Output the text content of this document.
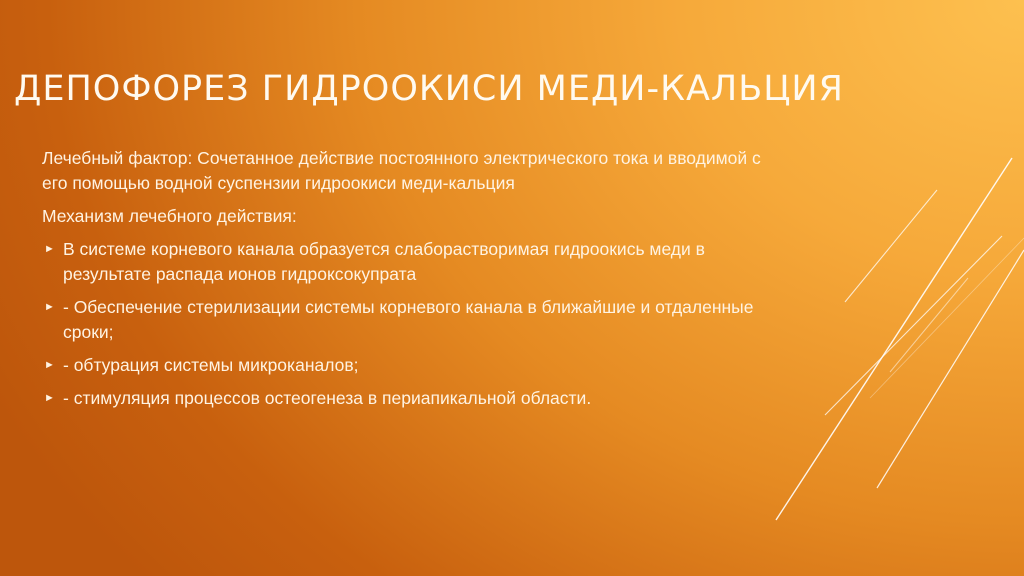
ДЕПОФОРЕЗ ГИДРООКИСИ МЕДИ-КАЛЬЦИЯ

Лечебный фактор: Сочетанное действие постоянного электрического тока и вводимой с его помощью водной суспензии гидроокиси меди-кальция

Механизм лечебного действия:

► В системе корневого канала образуется слаборастворимая гидроокись меди в результате распада ионов гидроксокупрата
► - Обеспечение стерилизации системы корневого канала в ближайшие и отдаленные сроки;
► - обтурация системы микроканалов;
► - стимуляция процессов остеогенеза в периапикальной области.
